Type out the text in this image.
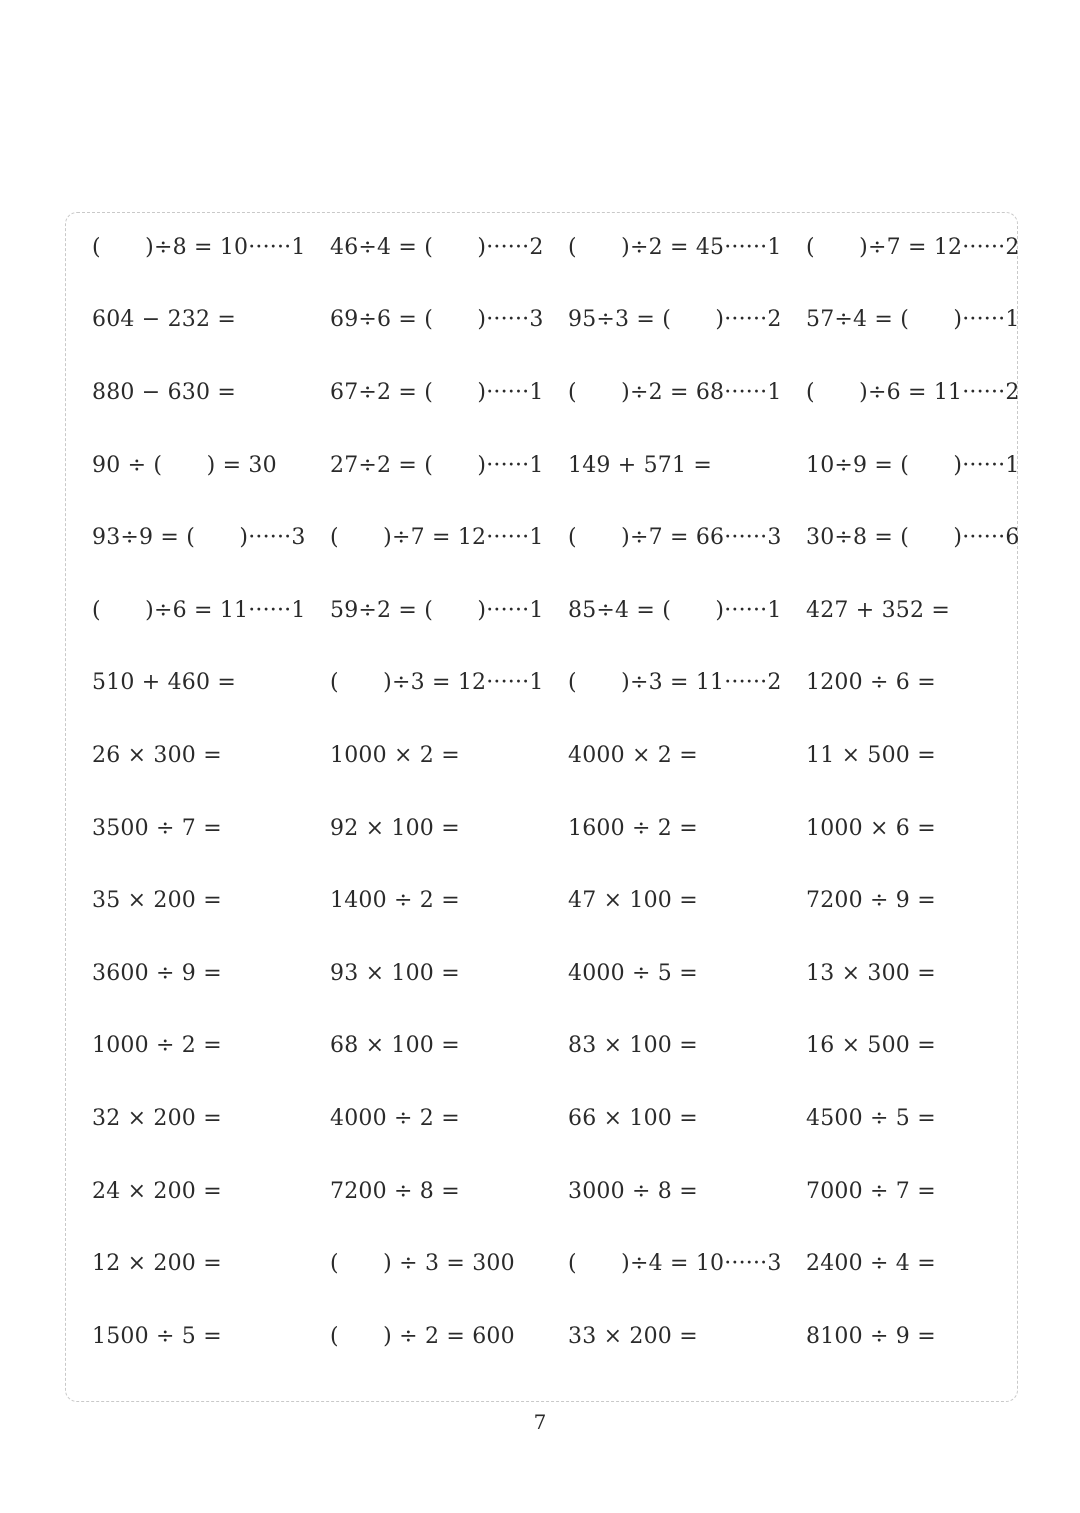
(  )÷8 = 10······1	46÷4 = (  )······2	(  )÷2 = 45······1	(  )÷7 = 12······2
604 − 232 =	69÷6 = (  )······3	95÷3 = (  )······2	57÷4 = (  )······1
880 − 630 =	67÷2 = (  )······1	(  )÷2 = 68······1	(  )÷6 = 11······2
90 ÷ (  ) = 30	27÷2 = (  )······1	149 + 571 =	10÷9 = (  )······1
93÷9 = (  )······3	(  )÷7 = 12······1	(  )÷7 = 66······3	30÷8 = (  )······6
(  )÷6 = 11······1	59÷2 = (  )······1	85÷4 = (  )······1	427 + 352 =
510 + 460 =	(  )÷3 = 12······1	(  )÷3 = 11······2	1200 ÷ 6 =
26 × 300 =	1000 × 2 =	4000 × 2 =	11 × 500 =
3500 ÷ 7 =	92 × 100 =	1600 ÷ 2 =	1000 × 6 =
35 × 200 =	1400 ÷ 2 =	47 × 100 =	7200 ÷ 9 =
3600 ÷ 9 =	93 × 100 =	4000 ÷ 5 =	13 × 300 =
1000 ÷ 2 =	68 × 100 =	83 × 100 =	16 × 500 =
32 × 200 =	4000 ÷ 2 =	66 × 100 =	4500 ÷ 5 =
24 × 200 =	7200 ÷ 8 =	3000 ÷ 8 =	7000 ÷ 7 =
12 × 200 =	(  ) ÷ 3 = 300	(  )÷4 = 10······3	2400 ÷ 4 =
1500 ÷ 5 =	(  ) ÷ 2 = 600	33 × 200 =	8100 ÷ 9 =
7
